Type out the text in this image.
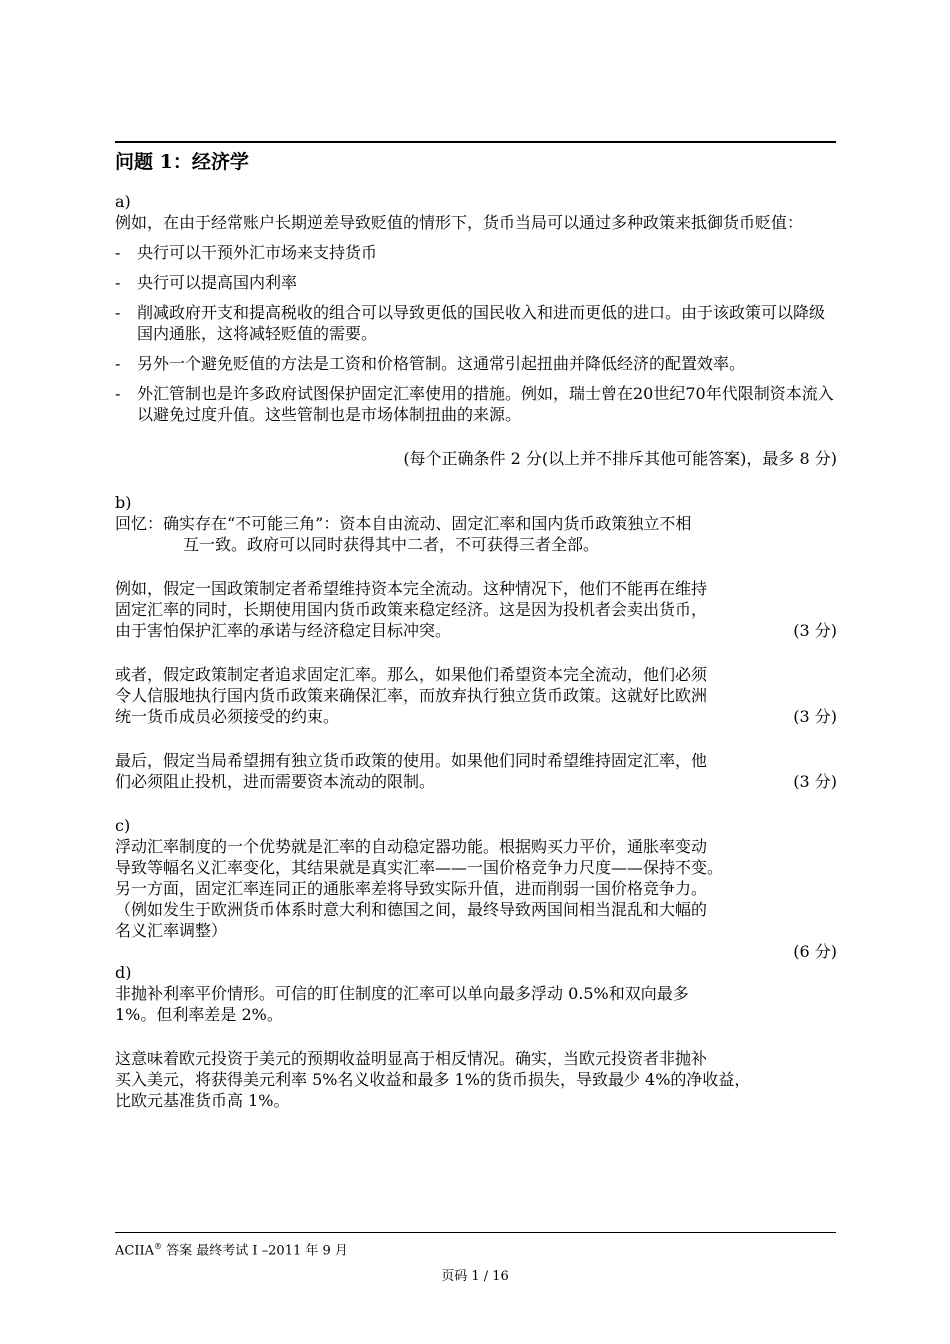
问题 1：经济学

a)

例如，在由于经常账户长期逆差导致贬值的情形下，货币当局可以通过多种政策来抵御货币贬值：

- 央行可以干预外汇市场来支持货币
- 央行可以提高国内利率
- 削减政府开支和提高税收的组合可以导致更低的国民收入和进而更低的进口。由于该政策可以降级国内通胀，这将减轻贬值的需要。
- 另外一个避免贬值的方法是工资和价格管制。这通常引起扭曲并降低经济的配置效率。
- 外汇管制也是许多政府试图保护固定汇率使用的措施。例如，瑞士曾在20世纪70年代限制资本流入以避免过度升值。这些管制也是市场体制扭曲的来源。

(每个正确条件 2 分(以上并不排斥其他可能答案)，最多 8 分)

b)

回忆：确实存在“不可能三角”：资本自由流动、固定汇率和国内货币政策独立不相

互一致。政府可以同时获得其中二者，不可获得三者全部。

例如，假定一国政策制定者希望维持资本完全流动。这种情况下，他们不能再在维持

固定汇率的同时，长期使用国内货币政策来稳定经济。这是因为投机者会卖出货币，

由于害怕保护汇率的承诺与经济稳定目标冲突。	(3 分)

或者，假定政策制定者追求固定汇率。那么，如果他们希望资本完全流动，他们必须

令人信服地执行国内货币政策来确保汇率，而放弃执行独立货币政策。这就好比欧洲

统一货币成员必须接受的约束。	(3 分)

最后，假定当局希望拥有独立货币政策的使用。如果他们同时希望维持固定汇率，他

们必须阻止投机，进而需要资本流动的限制。	(3 分)

c)

浮动汇率制度的一个优势就是汇率的自动稳定器功能。根据购买力平价，通胀率变动

导致等幅名义汇率变化，其结果就是真实汇率——一国价格竞争力尺度——保持不变。

另一方面，固定汇率连同正的通胀率差将导致实际升值，进而削弱一国价格竞争力。

（例如发生于欧洲货币体系时意大利和德国之间，最终导致两国间相当混乱和大幅的

名义汇率调整）

(6 分)

d)

非抛补利率平价情形。可信的盯住制度的汇率可以单向最多浮动 0.5%和双向最多

1%。但利率差是 2%。

这意味着欧元投资于美元的预期收益明显高于相反情况。确实，当欧元投资者非抛补

买入美元，将获得美元利率 5%名义收益和最多 1%的货币损失，导致最少 4%的净收益，

比欧元基准货币高 1%。

ACIIA® 答案 最终考试 I –2011 年 9 月
页码 1 / 16
